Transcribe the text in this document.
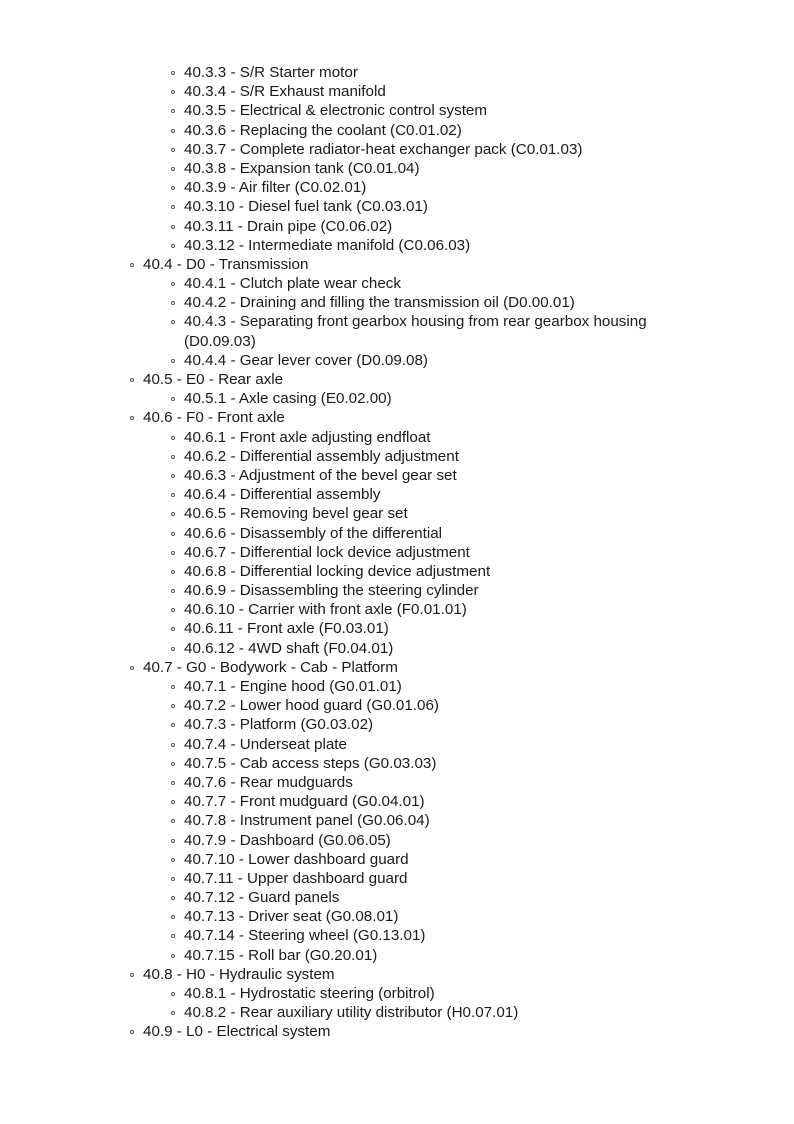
40.3.3 - S/R Starter motor
40.3.4 - S/R Exhaust manifold
40.3.5 - Electrical & electronic control system
40.3.6 - Replacing the coolant (C0.01.02)
40.3.7 - Complete radiator-heat exchanger pack (C0.01.03)
40.3.8 - Expansion tank (C0.01.04)
40.3.9 - Air filter (C0.02.01)
40.3.10 - Diesel fuel tank (C0.03.01)
40.3.11 - Drain pipe (C0.06.02)
40.3.12 - Intermediate manifold (C0.06.03)
40.4 - D0 - Transmission
40.4.1 - Clutch plate wear check
40.4.2 - Draining and filling the transmission oil (D0.00.01)
40.4.3 - Separating front gearbox housing from rear gearbox housing
(D0.09.03)
40.4.4 - Gear lever cover (D0.09.08)
40.5 - E0 - Rear axle
40.5.1 - Axle casing (E0.02.00)
40.6 - F0 - Front axle
40.6.1 - Front axle adjusting endfloat
40.6.2 - Differential assembly adjustment
40.6.3 - Adjustment of the bevel gear set
40.6.4 - Differential assembly
40.6.5 - Removing bevel gear set
40.6.6 - Disassembly of the differential
40.6.7 - Differential lock device adjustment
40.6.8 - Differential locking device adjustment
40.6.9 - Disassembling the steering cylinder
40.6.10 - Carrier with front axle (F0.01.01)
40.6.11 - Front axle (F0.03.01)
40.6.12 - 4WD shaft (F0.04.01)
40.7 - G0 - Bodywork - Cab - Platform
40.7.1 - Engine hood (G0.01.01)
40.7.2 - Lower hood guard (G0.01.06)
40.7.3 - Platform (G0.03.02)
40.7.4 - Underseat plate
40.7.5 - Cab access steps (G0.03.03)
40.7.6 - Rear mudguards
40.7.7 - Front mudguard (G0.04.01)
40.7.8 - Instrument panel (G0.06.04)
40.7.9 - Dashboard (G0.06.05)
40.7.10 - Lower dashboard guard
40.7.11 - Upper dashboard guard
40.7.12 - Guard panels
40.7.13 - Driver seat (G0.08.01)
40.7.14 - Steering wheel (G0.13.01)
40.7.15 - Roll bar (G0.20.01)
40.8 - H0 - Hydraulic system
40.8.1 - Hydrostatic steering (orbitrol)
40.8.2 - Rear auxiliary utility distributor (H0.07.01)
40.9 - L0 - Electrical system
